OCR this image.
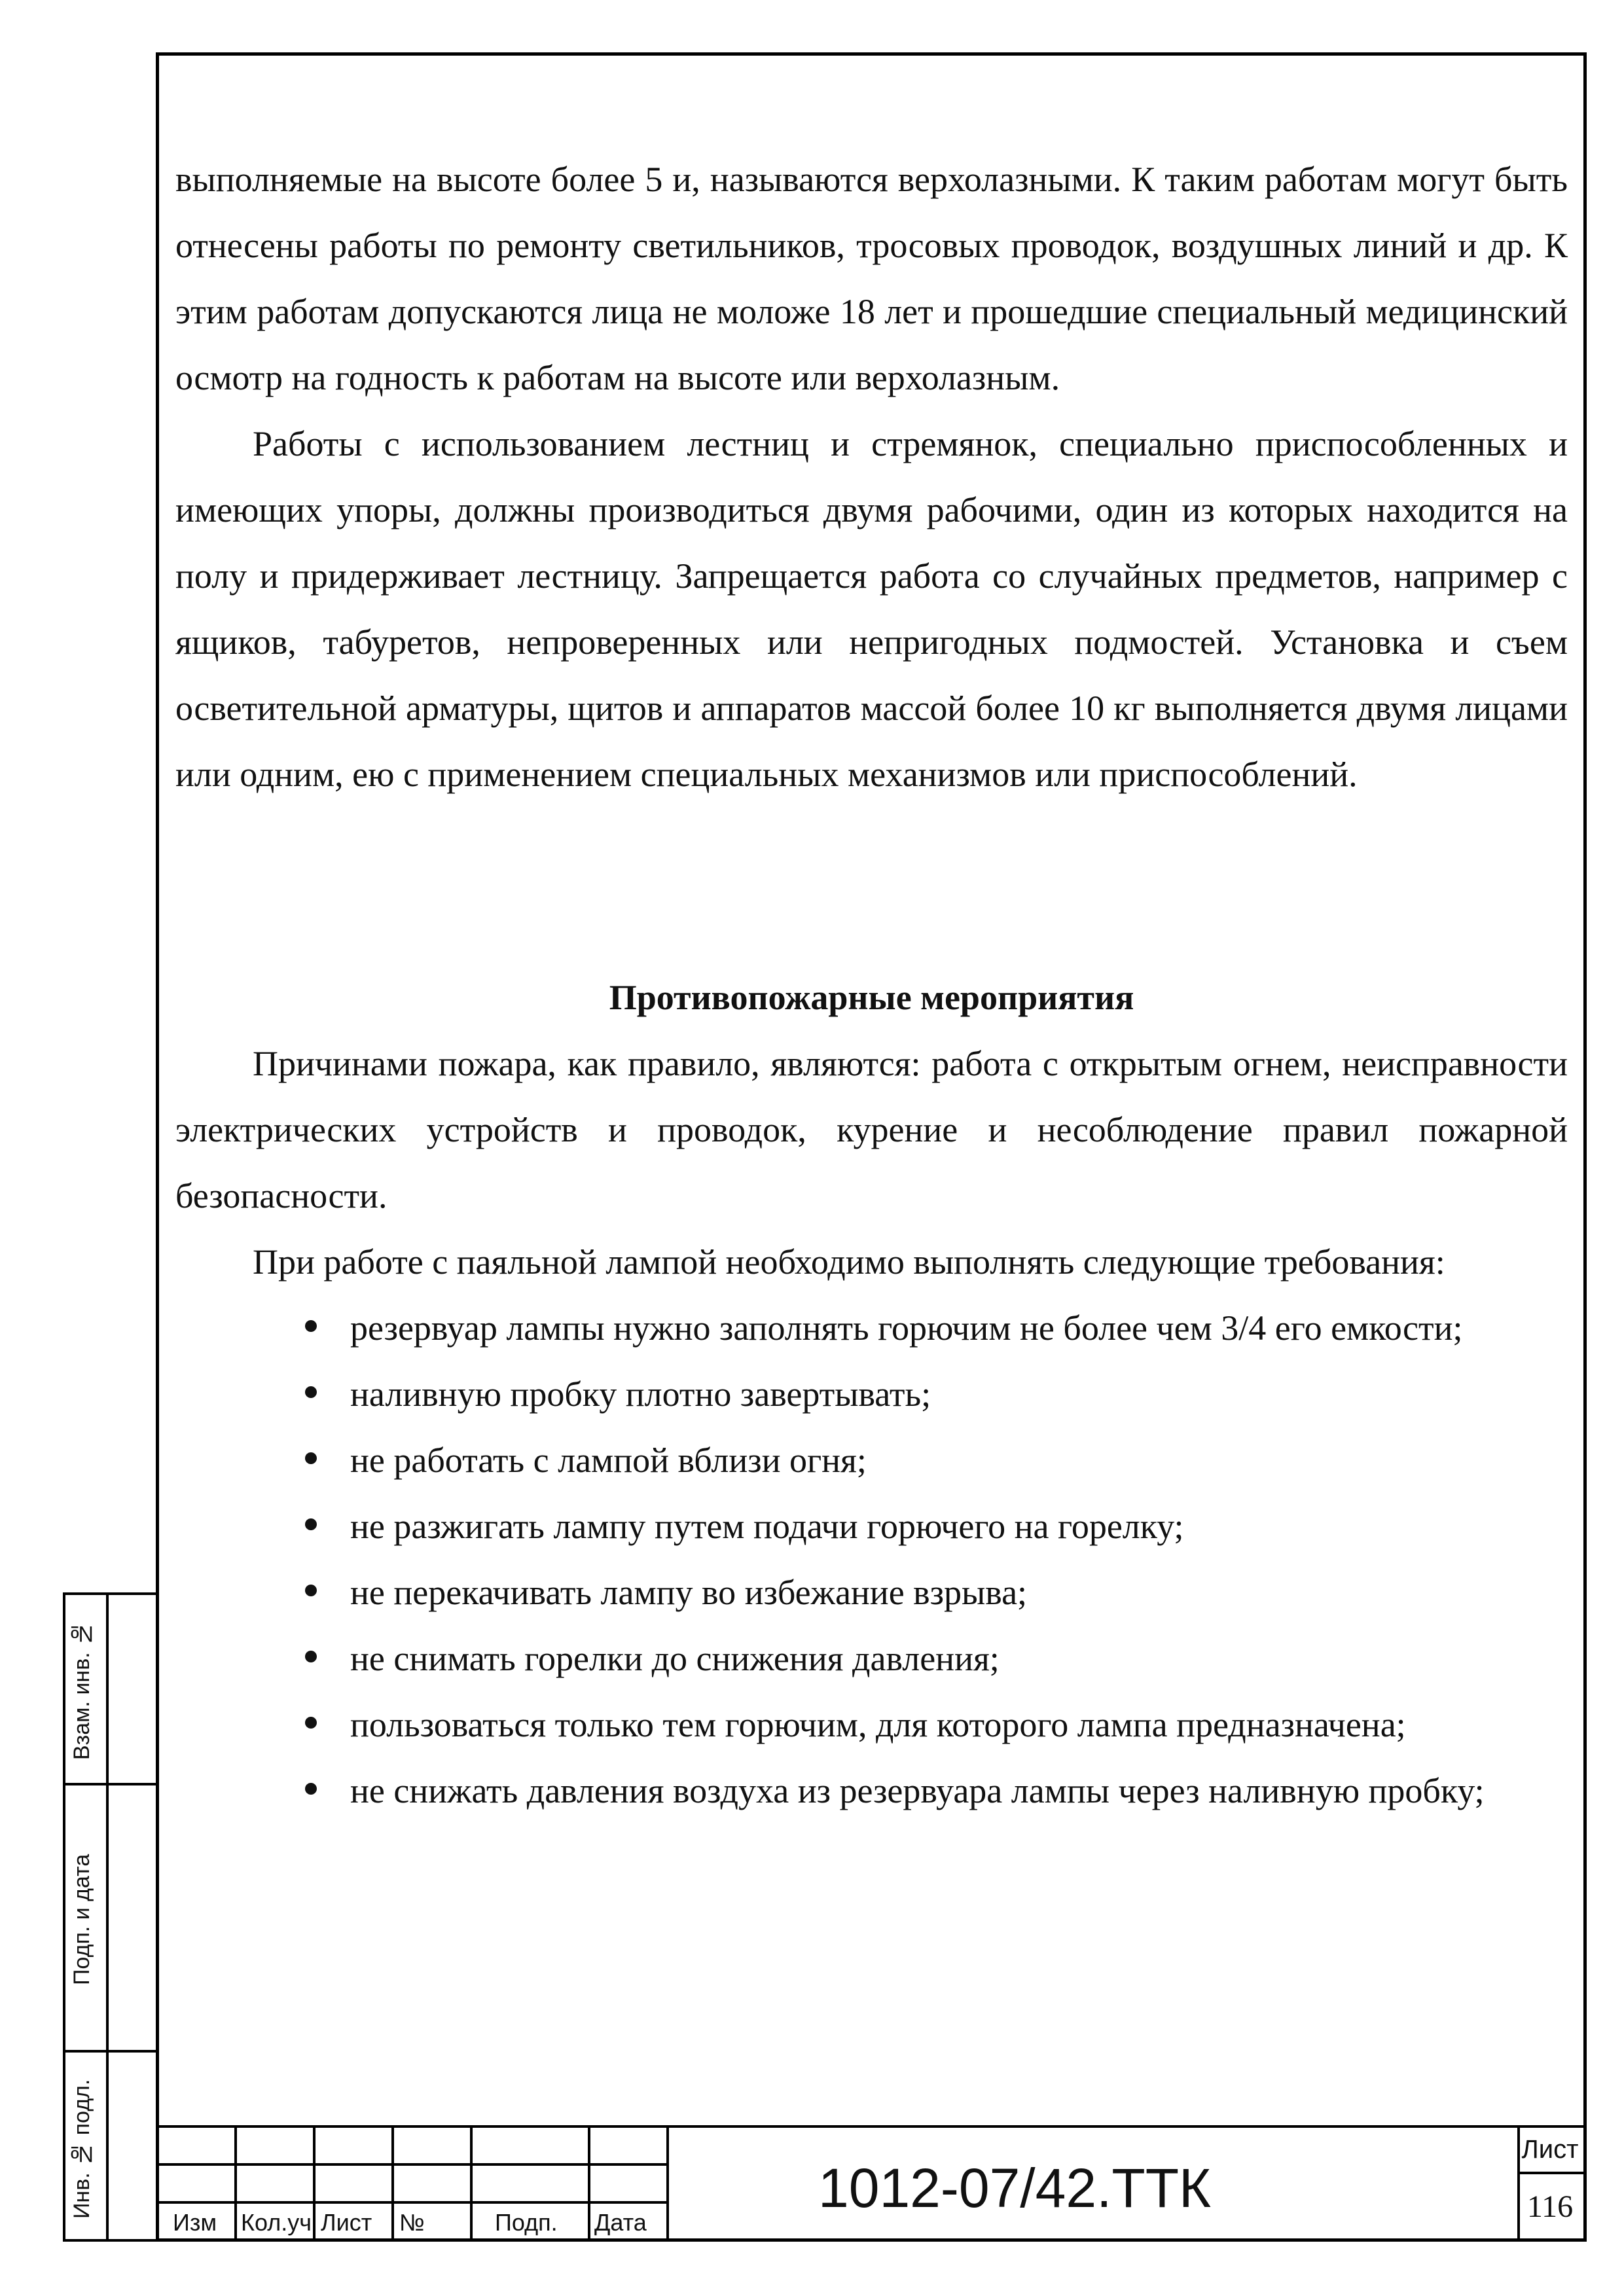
выполняемые на высоте более 5 и, называются верхолазными. К таким работам могут быть отнесены работы по ремонту светильников, тросовых проводок, воздушных линий и др. К этим работам допускаются лица не моложе 18 лет и прошедшие специальный медицинский осмотр на годность к работам на высоте или верхолазным.

Работы с использованием лестниц и стремянок, специально приспособленных и имеющих упоры, должны производиться двумя рабочими, один из которых находится на полу и придерживает лестницу. Запрещается работа со случайных предметов, например с ящиков, табуретов, непроверенных или непригодных подмостей. Установка и съем осветительной арматуры, щитов и аппаратов массой более 10 кг выполняется двумя лицами или одним, ею с применением специальных механизмов или приспособлений.

Противопожарные мероприятия

Причинами пожара, как правило, являются: работа с открытым огнем, неисправности электрических устройств и проводок, курение и несоблюдение правил пожарной безопасности.

При работе с паяльной лампой необходимо выполнять следующие требования:

резервуар лампы нужно заполнять горючим не более чем 3/4 его емкости;
наливную пробку плотно завертывать;
не работать с лампой вблизи огня;
не разжигать лампу путем подачи горючего на горелку;
не перекачивать лампу во избежание взрыва;
не снимать горелки до снижения давления;
пользоваться только тем горючим, для которого лампа предназначена;
не снижать давления воздуха из резервуара лампы через наливную пробку;
Взам. инв. №
Подп. и дата
Инв. № подл.
Изм Кол.уч Лист №	Подп. Дата
1012-07/42.ТТК
Лист
116
